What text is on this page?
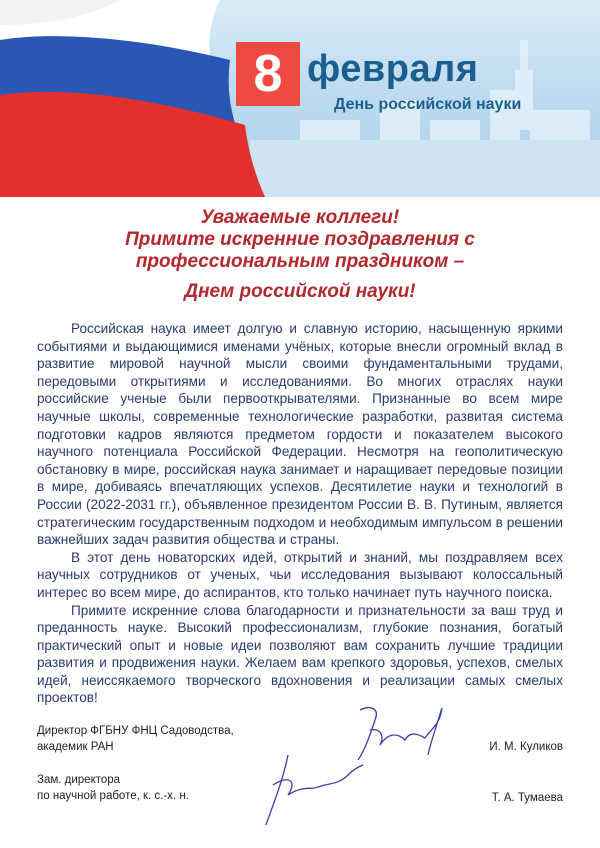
8 февраля
День российской науки
Уважаемые коллеги!
Примите искренние поздравления с
профессиональным праздником –
Днем российской науки!

Российская наука имеет долгую и славную историю, насыщенную яркими событиями и выдающимися именами учёных, которые внесли огромный вклад в развитие мировой научной мысли своими фундаментальными трудами, передовыми открытиями и исследованиями. Во многих отраслях науки российские ученые были первооткрывателями. Признанные во всем мире научные школы, современные технологические разработки, развитая система подготовки кадров являются предметом гордости и показателем высокого научного потенциала Российской Федерации. Несмотря на геополитическую обстановку в мире, российская наука занимает и наращивает передовые позиции в мире, добиваясь впечатляющих успехов. Десятилетие науки и технологий в России (2022-2031 гг.), объявленное президентом России В. В. Путиным, является стратегическим государственным подходом и необходимым импульсом в решении важнейших задач развития общества и страны.

В этот день новаторских идей, открытий и знаний, мы поздравляем всех научных сотрудников от ученых, чьи исследования вызывают колоссальный интерес во всем мире, до аспирантов, кто только начинает путь научного поиска.

Примите искренние слова благодарности и признательности за ваш труд и преданность науке. Высокий профессионализм, глубокие познания, богатый практический опыт и новые идеи позволяют вам сохранить лучшие традиции развития и продвижения науки. Желаем вам крепкого здоровья, успехов, смелых идей, неиссякаемого творческого вдохновения и реализации самых смелых проектов!

Директор ФГБНУ ФНЦ Садоводства,
академик РАН	И. М. Куликов
Зам. директора
по научной работе, к. с.-х. н.	Т. А. Тумаева
